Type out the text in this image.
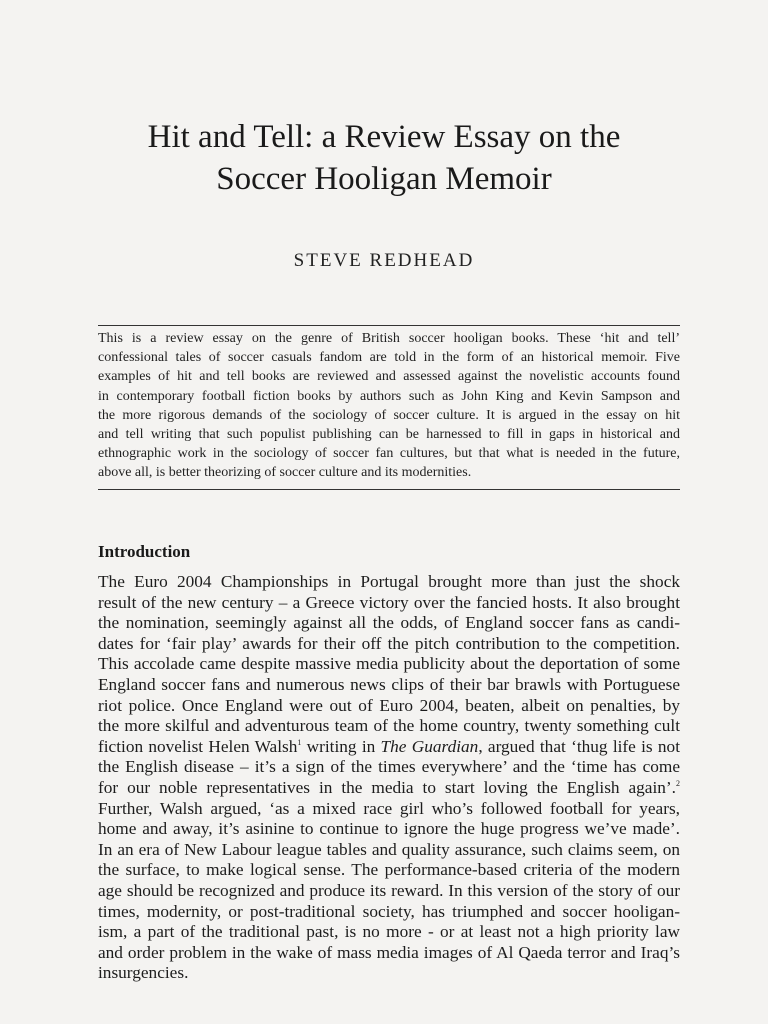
Hit and Tell: a Review Essay on the
Soccer Hooligan Memoir
STEVE REDHEAD
This is a review essay on the genre of British soccer hooligan books. These ‘hit and tell’
confessional tales of soccer casuals fandom are told in the form of an historical memoir. Five
examples of hit and tell books are reviewed and assessed against the novelistic accounts found
in contemporary football fiction books by authors such as John King and Kevin Sampson and
the more rigorous demands of the sociology of soccer culture. It is argued in the essay on hit
and tell writing that such populist publishing can be harnessed to fill in gaps in historical and
ethnographic work in the sociology of soccer fan cultures, but that what is needed in the future,
above all, is better theorizing of soccer culture and its modernities.
Introduction
The Euro 2004 Championships in Portugal brought more than just the shock
result of the new century – a Greece victory over the fancied hosts. It also brought
the nomination, seemingly against all the odds, of England soccer fans as candi-
dates for ‘fair play’ awards for their off the pitch contribution to the competition.
This accolade came despite massive media publicity about the deportation of some
England soccer fans and numerous news clips of their bar brawls with Portuguese
riot police. Once England were out of Euro 2004, beaten, albeit on penalties, by
the more skilful and adventurous team of the home country, twenty something cult
fiction novelist Helen Walsh$^1$ writing in The Guardian, argued that ‘thug life is not
the English disease – it’s a sign of the times everywhere’ and the ‘time has come
for our noble representatives in the media to start loving the English again’.$^2$
Further, Walsh argued, ‘as a mixed race girl who’s followed football for years,
home and away, it’s asinine to continue to ignore the huge progress we’ve made’.
In an era of New Labour league tables and quality assurance, such claims seem, on
the surface, to make logical sense. The performance-based criteria of the modern
age should be recognized and produce its reward. In this version of the story of our
times, modernity, or post-traditional society, has triumphed and soccer hooligan-
ism, a part of the traditional past, is no more - or at least not a high priority law
and order problem in the wake of mass media images of Al Qaeda terror and Iraq’s
insurgencies.
